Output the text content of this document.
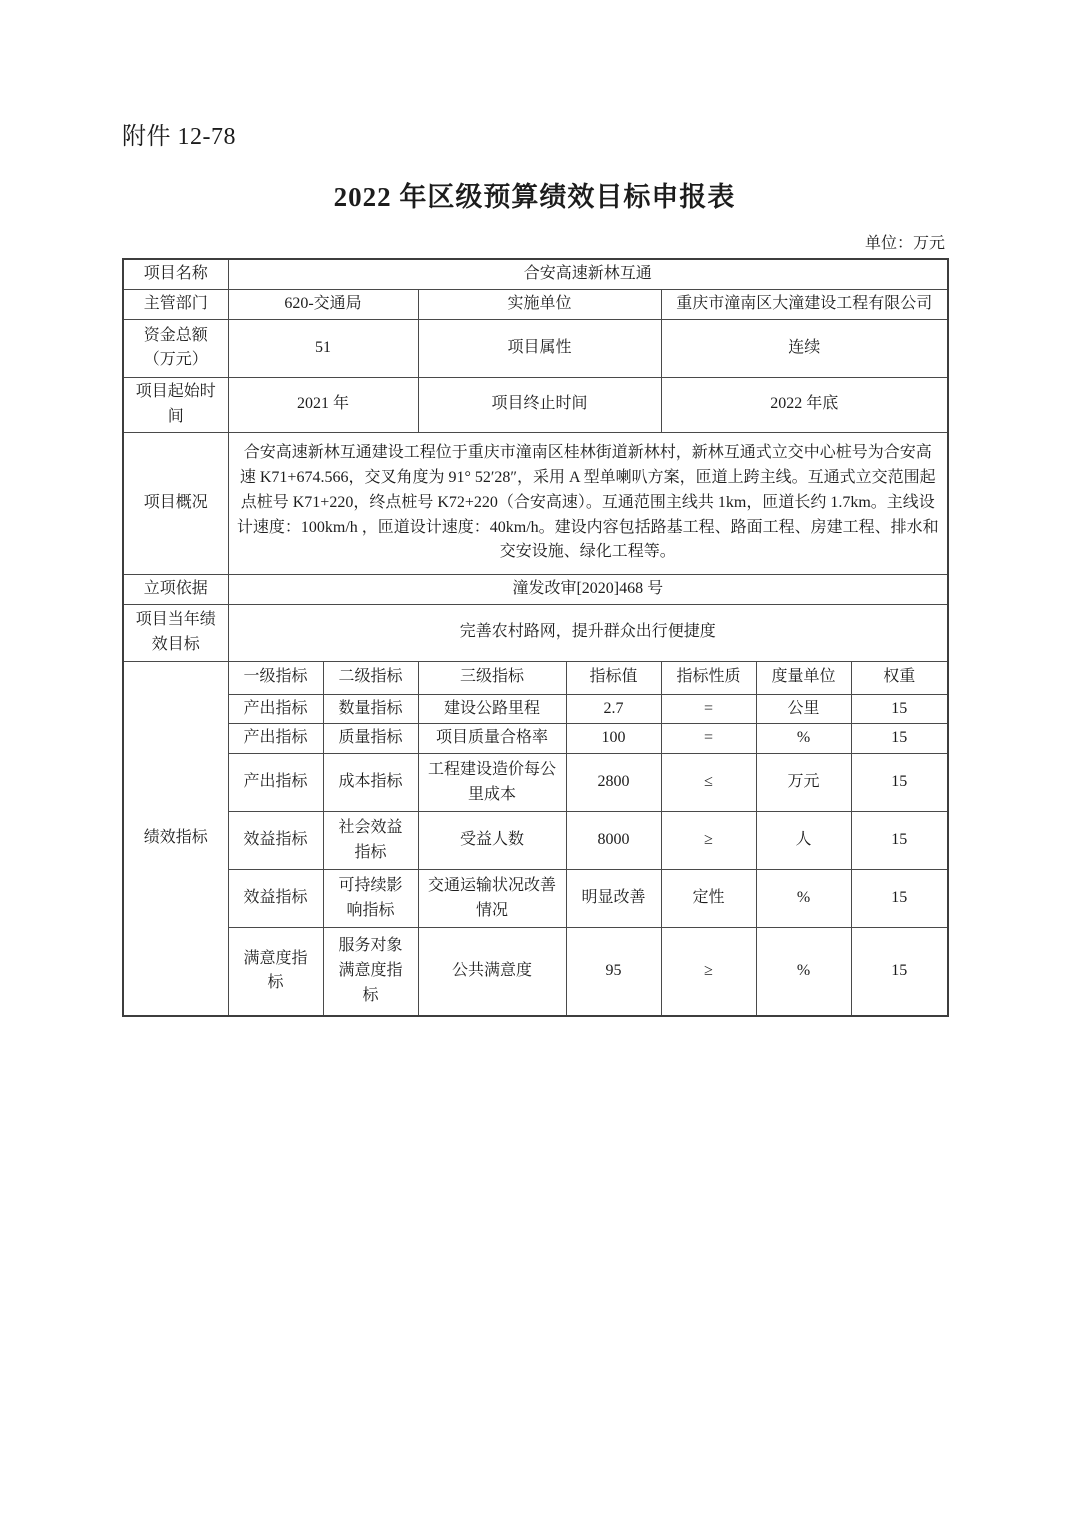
附件 12-78
2022 年区级预算绩效目标申报表
单位：万元
项目名称	合安高速新林互通						
主管部门	620-交通局		实施单位		重庆市潼南区大潼建设工程有限公司		
资金总额（万元）	51		项目属性		连续		
项目起始时间	2021 年		项目终止时间		2022 年底		
项目概况	合安高速新林互通建设工程位于重庆市潼南区桂林街道新林村，新林互通式立交中心桩号为合安高速 K71+674.566，交叉角度为 91° 52′28″，采用 A 型单喇叭方案，匝道上跨主线。互通式立交范围起点桩号 K71+220，终点桩号 K72+220（合安高速）。互通范围主线共 1km，匝道长约 1.7km。主线设计速度：100km/h ，匝道设计速度：40km/h。建设内容包括路基工程、路面工程、房建工程、排水和交安设施、绿化工程等。						
立项依据	潼发改审[2020]468 号						
项目当年绩效目标	完善农村路网，提升群众出行便捷度						
绩效指标	一级指标	二级指标	三级指标	指标值	指标性质	度量单位	权重
	产出指标	数量指标	建设公路里程	2.7	=	公里	15
	产出指标	质量指标	项目质量合格率	100	=	%	15
	产出指标	成本指标	工程建设造价每公里成本	2800	≤	万元	15
	效益指标	社会效益指标	受益人数	8000	≥	人	15
	效益指标	可持续影响指标	交通运输状况改善情况	明显改善	定性	%	15
	满意度指标	服务对象满意度指标	公共满意度	95	≥	%	15
